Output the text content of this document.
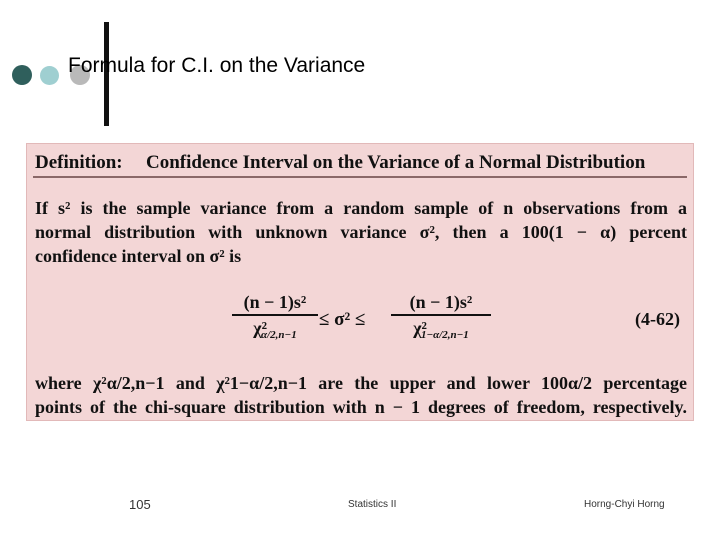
Formula for C.I. on the Variance
Definition: Confidence Interval on the Variance of a Normal Distribution
If s² is the sample variance from a random sample of n observations from a
normal distribution with unknown variance σ², then a 100(1 − α) percent
confidence interval on σ² is
(n − 1)s²
$\chi^2_{\alpha/2,n-1}$
≤ σ² ≤
(n − 1)s²
$\chi^2_{1-\alpha/2,n-1}$
(4-62)
where χ²α/2,n−1 and χ²1−α/2,n−1 are the upper and lower 100α/2 percentage
points of the chi-square distribution with n − 1 degrees of freedom, respectively.
105	Statistics II	Horng-Chyi Horng
